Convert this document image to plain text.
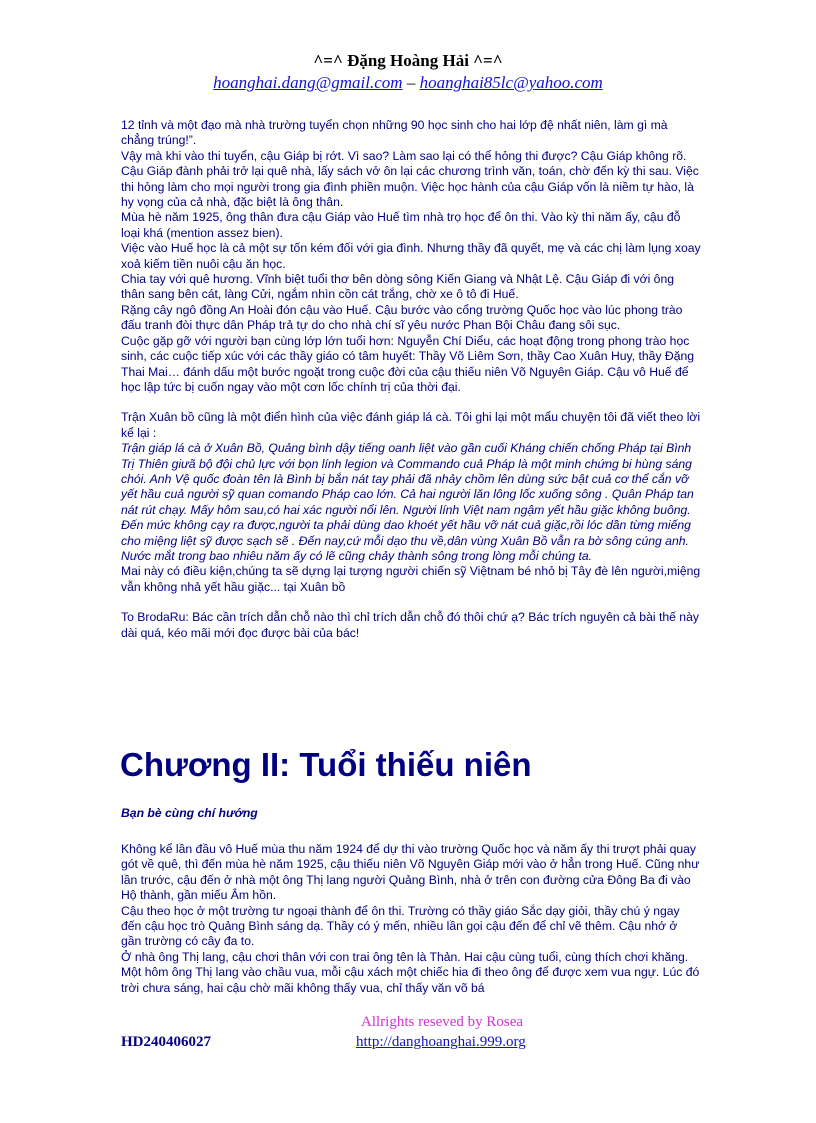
^=^ Đặng Hoàng Hải ^=^
hoanghai.dang@gmail.com – hoanghai85lc@yahoo.com

12 tỉnh và một đạo mà nhà trường tuyển chọn những 90 học sinh cho hai lớp đệ nhất niên, làm gì mà chẳng trúng!”.

Vậy mà khi vào thi tuyển, cậu Giáp bị rớt. Vì sao? Làm sao lại có thể hỏng thi được? Cậu Giáp không rõ.

Cậu Giáp đành phải trở lại quê nhà, lấy sách vở ôn lại các chương trình văn, toán, chờ đến kỳ thi sau. Việc thi hỏng làm cho mọi người trong gia đình phiền muộn. Việc học hành của cậu Giáp vốn là niềm tự hào, là hy vọng của cả nhà, đặc biệt là ông thân.

Mùa hè năm 1925, ông thân đưa cậu Giáp vào Huế tìm nhà trọ học để ôn thi. Vào kỳ thi năm ấy, cậu đỗ loại khá (mention assez bien).

Việc vào Huế học là cả một sự tốn kém đối với gia đình. Nhưng thầy đã quyết, mẹ và các chị làm lụng xoay xoả kiếm tiền nuôi cậu ăn học.

Chia tay với quê hương. Vĩnh biệt tuổi thơ bên dòng sông Kiến Giang và Nhật Lệ. Cậu Giáp đi với ông thân sang bên cát, làng Cửi, ngắm nhìn cồn cát trắng, chờ xe ô tô đi Huế.

Rặng cây ngô đồng An Hoài đón cậu vào Huế. Cậu bước vào cổng trường Quốc học vào lúc phong trào đấu tranh đòi thực dân Pháp trả tự do cho nhà chí sĩ yêu nước Phan Bội Châu đang sôi sục.

Cuộc gặp gỡ với người bạn cùng lớp lớn tuổi hơn: Nguyễn Chí Diểu, các hoạt động trong phong trào học sinh, các cuộc tiếp xúc với các thầy giáo có tâm huyết: Thầy Võ Liêm Sơn, thầy Cao Xuân Huy, thầy Đặng Thai Mai… đánh dấu một bước ngoặt trong cuộc đời của cậu thiếu niên Võ Nguyên Giáp. Cậu vô Huế để học lập tức bị cuốn ngay vào một cơn lốc chính trị của thời đại.

Trận Xuân bồ cũng là một điển hình của việc đánh giáp lá cà. Tôi ghi lại một mẩu chuyện tôi đã viết theo lời kể lại :

Trận giáp lá cà ở Xuân Bồ, Quảng bình dậy tiếng oanh liệt vào gần cuối Kháng chiến chống Pháp tại Bình Trị Thiên giưã bộ đội chủ lực với bọn lính legion và Commando cuả Pháp là một minh chứng bi hùng sáng chói. Anh Vệ quốc đoàn tên là Bình bị bắn nát tay phải đã nhảy chồm lên dùng sức bật cuả cơ thể cắn vỡ yết hầu cuả người sỹ quan comando Pháp cao lớn. Cả hai người lăn lông lốc xuống sông . Quân Pháp tan nát rút chạy. Mấy hôm sau,có hai xác người nổi lên. Người lính Việt nam ngậm yết hầu giặc không buông. Đến mức không cạy ra được,người ta phải dùng dao khoét yết hầu vỡ nát cuả giặc,rồi lóc dần từng miếng cho miệng liệt sỹ được sạch sẽ . Đến nay,cứ mỗi dạo thu về,dân vùng Xuân Bồ vẫn ra bờ sông cúng anh. Nước mắt trong bao nhiêu năm ấy có lẽ cũng chảy thành sông trong lòng mỗi chúng ta.

Mai này có điều kiện,chúng ta sẽ dựng lại tượng người chiến sỹ Việtnam bé nhỏ bị Tây đè lên người,miệng vẫn không nhả yết hầu giặc... tại Xuân bồ

To BrodaRu: Bác cần trích dẫn chỗ nào thì chỉ trích dẫn chỗ đó thôi chứ ạ? Bác trích nguyên cả bài thế này dài quá, kéo mãi mới đọc được bài của bác!

Chương II: Tuổi thiếu niên
Bạn bè cùng chí hướng

Không kể lần đầu vô Huế mùa thu năm 1924 để dự thi vào trường Quốc học và năm ấy thi trượt phải quay gót về quê, thì đến mùa hè năm 1925, cậu thiếu niên Võ Nguyên Giáp mới vào ở hẳn trong Huế. Cũng như lần trước, cậu đến ở nhà một ông Thị lang người Quảng Bình, nhà ở trên con đường cửa Đông Ba đi vào Hộ thành, gần miếu Âm hồn.

Cậu theo học ở một trường tư ngoại thành để ôn thi. Trường có thầy giáo Sắc dạy giỏi, thầy chú ý ngay đến cậu học trò Quảng Bình sáng dạ. Thầy có ý mến, nhiều lần gọi cậu đến để chỉ vẽ thêm. Cậu nhớ ở gần trường có cây đa to.

Ở nhà ông Thị lang, cậu chơi thân với con trai ông tên là Thản. Hai cậu cùng tuổi, cùng thích chơi khăng. Một hôm ông Thị lang vào chầu vua, mỗi cậu xách một chiếc hia đi theo ông để được xem vua ngự. Lúc đó trời chưa sáng, hai cậu chờ mãi không thấy vua, chỉ thấy văn võ bá

Allrights reseved by Rosea
HD240406027	http://danghoanghai.999.org
